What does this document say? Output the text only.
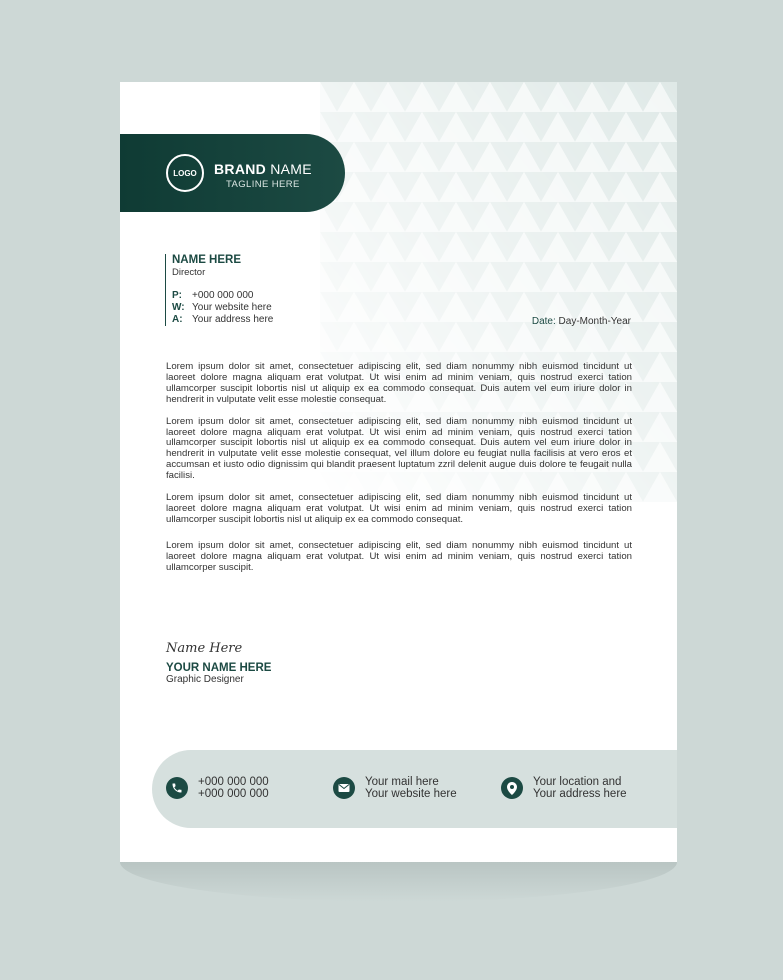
LOGO BRAND NAME
TAGLINE HERE
NAME HERE
Director
P:	+000 000 000
W: Your website here
A: Your address here	Date: Day-Month-Year

Lorem ipsum dolor sit amet, consectetuer adipiscing elit, sed diam nonummy nibh euismod tincidunt ut laoreet dolore magna aliquam erat volutpat. Ut wisi enim ad minim veniam, quis nostrud exerci tation ullamcorper suscipit lobortis nisl ut aliquip ex ea commodo consequat. Duis autem vel eum iriure dolor in hendrerit in vulputate velit esse molestie consequat.

Lorem ipsum dolor sit amet, consectetuer adipiscing elit, sed diam nonummy nibh euismod tincidunt ut laoreet dolore magna aliquam erat volutpat. Ut wisi enim ad minim veniam, quis nostrud exerci tation ullamcorper suscipit lobortis nisl ut aliquip ex ea commodo consequat. Duis autem vel eum iriure dolor in hendrerit in vulputate velit esse molestie consequat, vel illum dolore eu feugiat nulla facilisis at vero eros et accumsan et iusto odio dignissim qui blandit praesent luptatum zzril delenit augue duis dolore te feugait nulla facilisi.

Lorem ipsum dolor sit amet, consectetuer adipiscing elit, sed diam nonummy nibh euismod tincidunt ut laoreet dolore magna aliquam erat volutpat. Ut wisi enim ad minim veniam, quis nostrud exerci tation ullamcorper suscipit lobortis nisl ut aliquip ex ea commodo consequat.

Lorem ipsum dolor sit amet, consectetuer adipiscing elit, sed diam nonummy nibh euismod tincidunt ut laoreet dolore magna aliquam erat volutpat. Ut wisi enim ad minim veniam, quis nostrud exerci tation ullamcorper suscipit.

Name Here
YOUR NAME HERE
Graphic Designer
+000 000 000
+000 000 000
Your mail here
Your website here
Your location and
Your address here
